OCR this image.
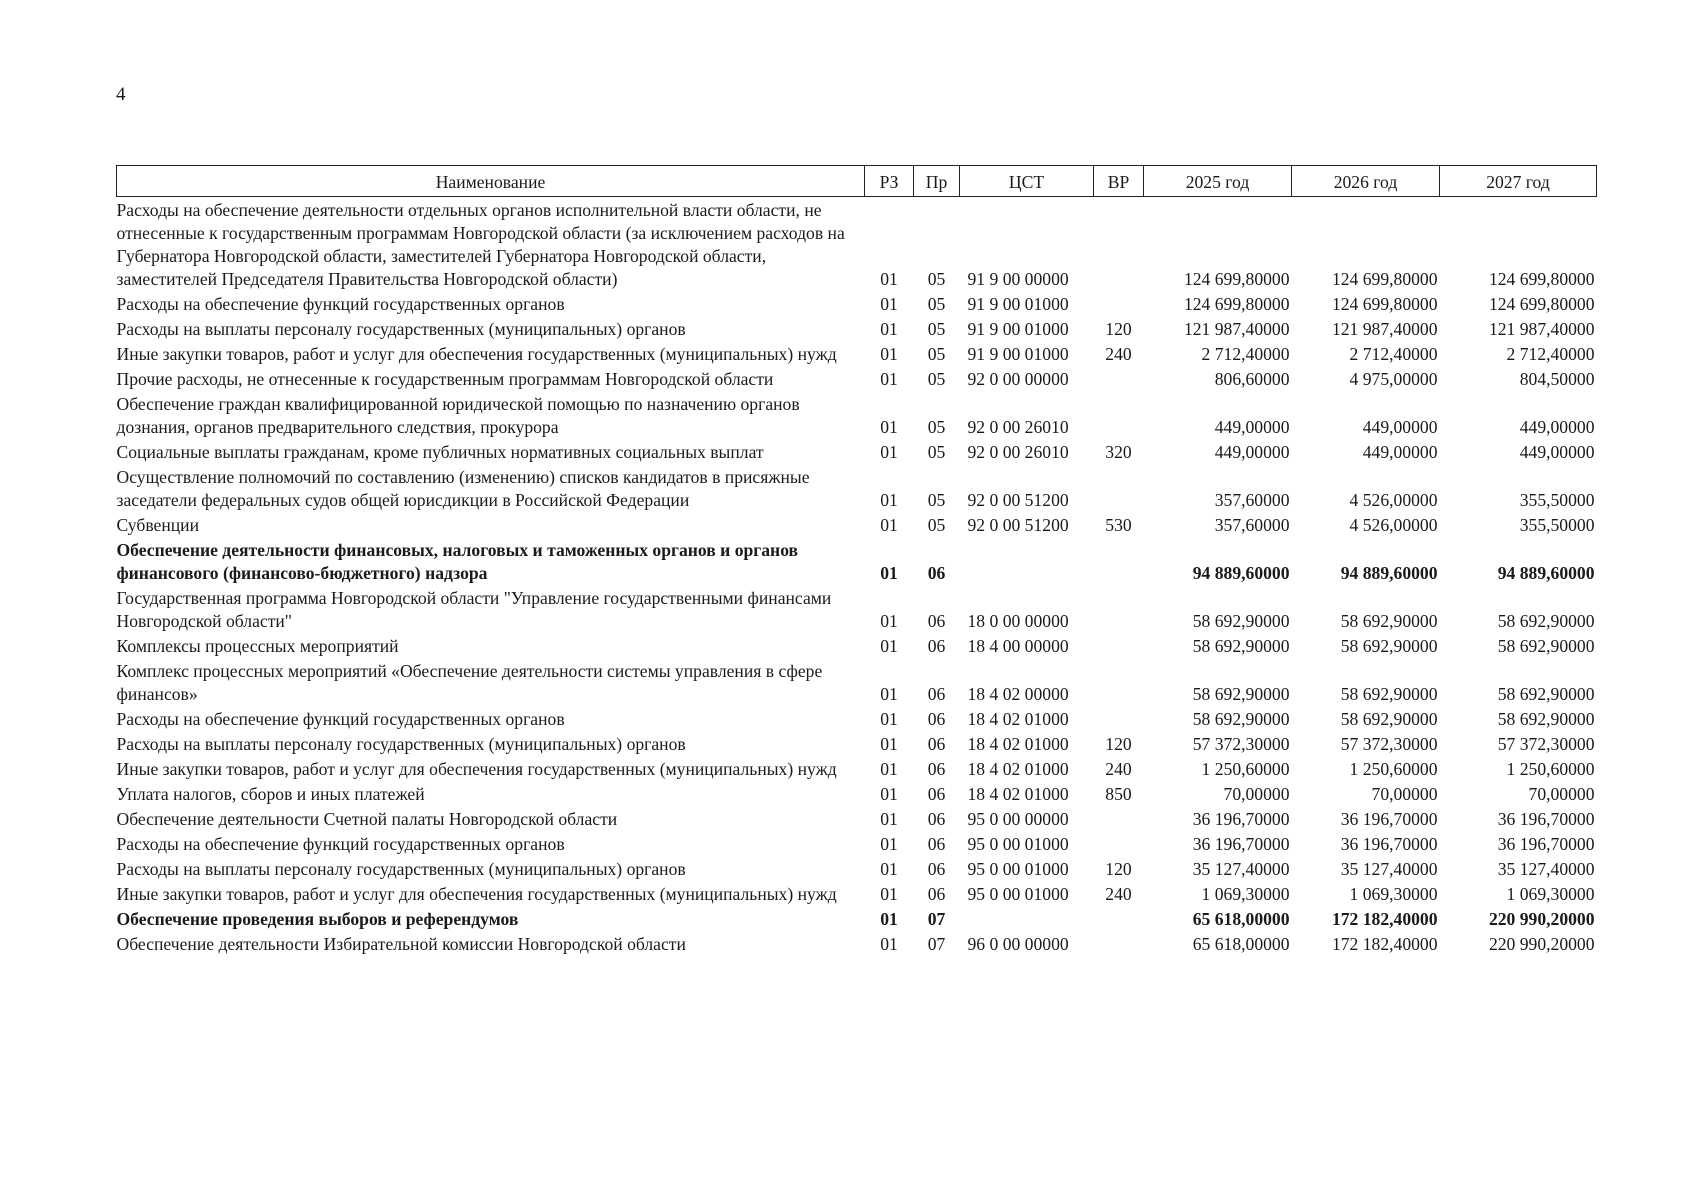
4
Наименование	РЗ	Пр	ЦСТ	ВР	2025 год	2026 год	2027 год
Расходы на обеспечение деятельности отдельных органов исполнительной власти области, не отнесенные к государственным программам Новгородской области (за исключением расходов на Губернатора Новгородской области, заместителей Губернатора Новгородской области, заместителей Председателя Правительства Новгородской области)	01	05	91 9 00 00000		124 699,80000	124 699,80000	124 699,80000
Расходы на обеспечение функций государственных органов	01	05	91 9 00 01000		124 699,80000	124 699,80000	124 699,80000
Расходы на выплаты персоналу государственных (муниципальных) органов	01	05	91 9 00 01000	120	121 987,40000	121 987,40000	121 987,40000
Иные закупки товаров, работ и услуг для обеспечения государственных (муниципальных) нужд	01	05	91 9 00 01000	240	2 712,40000	2 712,40000	2 712,40000
Прочие расходы, не отнесенные к государственным программам Новгородской области	01	05	92 0 00 00000		806,60000	4 975,00000	804,50000
Обеспечение граждан квалифицированной юридической помощью по назначению органов дознания, органов предварительного следствия, прокурора	01	05	92 0 00 26010		449,00000	449,00000	449,00000
Социальные выплаты гражданам, кроме публичных нормативных социальных выплат	01	05	92 0 00 26010	320	449,00000	449,00000	449,00000
Осуществление полномочий по составлению (изменению) списков кандидатов в присяжные заседатели федеральных судов общей юрисдикции в Российской Федерации	01	05	92 0 00 51200		357,60000	4 526,00000	355,50000
Субвенции	01	05	92 0 00 51200	530	357,60000	4 526,00000	355,50000
Обеспечение деятельности финансовых, налоговых и таможенных органов и органов финансового (финансово-бюджетного) надзора	01	06			94 889,60000	94 889,60000	94 889,60000
Государственная программа Новгородской области "Управление государственными финансами Новгородской области"	01	06	18 0 00 00000		58 692,90000	58 692,90000	58 692,90000
Комплексы процессных мероприятий	01	06	18 4 00 00000		58 692,90000	58 692,90000	58 692,90000
Комплекс процессных мероприятий «Обеспечение деятельности системы управления в сфере финансов»	01	06	18 4 02 00000		58 692,90000	58 692,90000	58 692,90000
Расходы на обеспечение функций государственных органов	01	06	18 4 02 01000		58 692,90000	58 692,90000	58 692,90000
Расходы на выплаты персоналу государственных (муниципальных) органов	01	06	18 4 02 01000	120	57 372,30000	57 372,30000	57 372,30000
Иные закупки товаров, работ и услуг для обеспечения государственных (муниципальных) нужд	01	06	18 4 02 01000	240	1 250,60000	1 250,60000	1 250,60000
Уплата налогов, сборов и иных платежей	01	06	18 4 02 01000	850	70,00000	70,00000	70,00000
Обеспечение деятельности Счетной палаты Новгородской области	01	06	95 0 00 00000		36 196,70000	36 196,70000	36 196,70000
Расходы на обеспечение функций государственных органов	01	06	95 0 00 01000		36 196,70000	36 196,70000	36 196,70000
Расходы на выплаты персоналу государственных (муниципальных) органов	01	06	95 0 00 01000	120	35 127,40000	35 127,40000	35 127,40000
Иные закупки товаров, работ и услуг для обеспечения государственных (муниципальных) нужд	01	06	95 0 00 01000	240	1 069,30000	1 069,30000	1 069,30000
Обеспечение проведения выборов и референдумов	01	07			65 618,00000	172 182,40000	220 990,20000
Обеспечение деятельности Избирательной комиссии Новгородской области	01	07	96 0 00 00000		65 618,00000	172 182,40000	220 990,20000
